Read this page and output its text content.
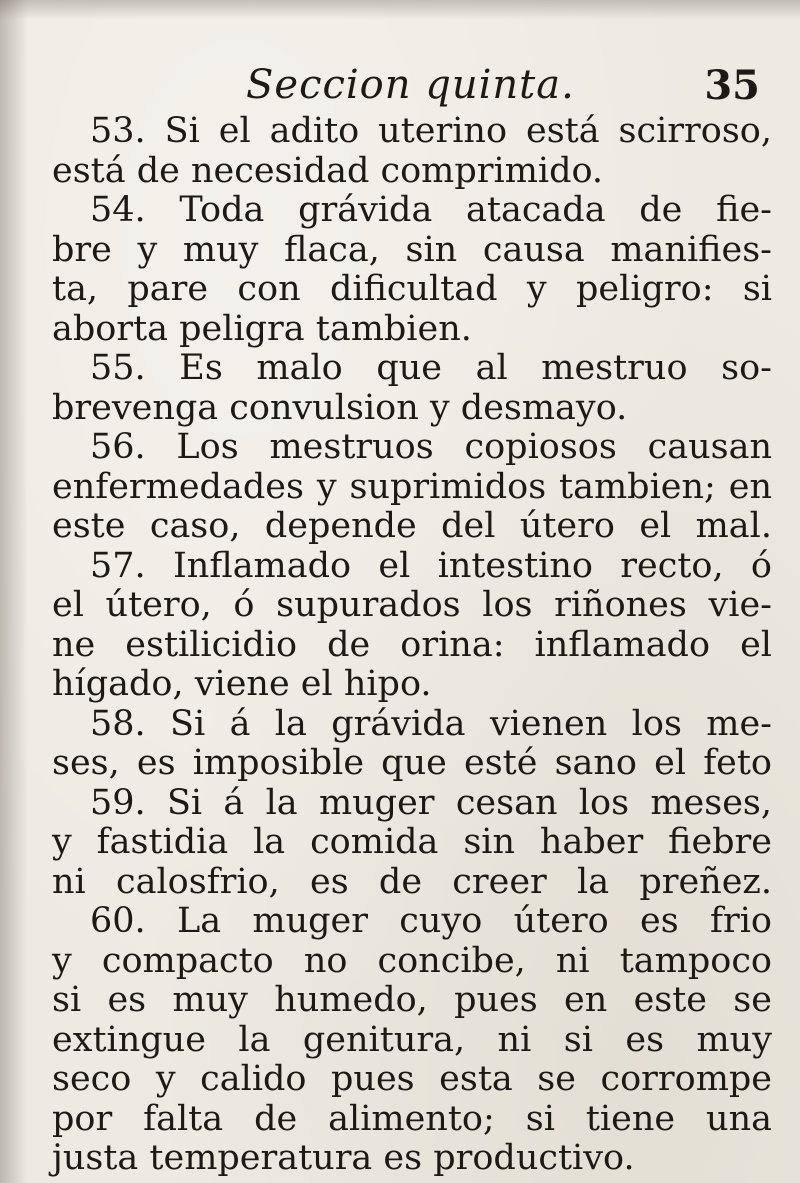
Seccion quinta.	35
53. Si el adito uterino está scirroso,
está de necesidad comprimido.
54. Toda grávida atacada de fie-
bre y muy flaca, sin causa manifies-
ta, pare con dificultad y peligro: si
aborta peligra tambien.
55. Es malo que al mestruo so-
brevenga convulsion y desmayo.
56. Los mestruos copiosos causan
enfermedades y suprimidos tambien; en
este caso, depende del útero el mal.
57. Inflamado el intestino recto, ó
el útero, ó supurados los riñones vie-
ne estilicidio de orina: inflamado el
hígado, viene el hipo.
58. Si á la grávida vienen los me-
ses, es imposible que esté sano el feto
59. Si á la muger cesan los meses,
y fastidia la comida sin haber fiebre
ni calosfrio, es de creer la preñez.
60. La muger cuyo útero es frio
y compacto no concibe, ni tampoco
si es muy humedo, pues en este se
extingue la genitura, ni si es muy
seco y calido pues esta se corrompe
por falta de alimento; si tiene una
justa temperatura es productivo.
